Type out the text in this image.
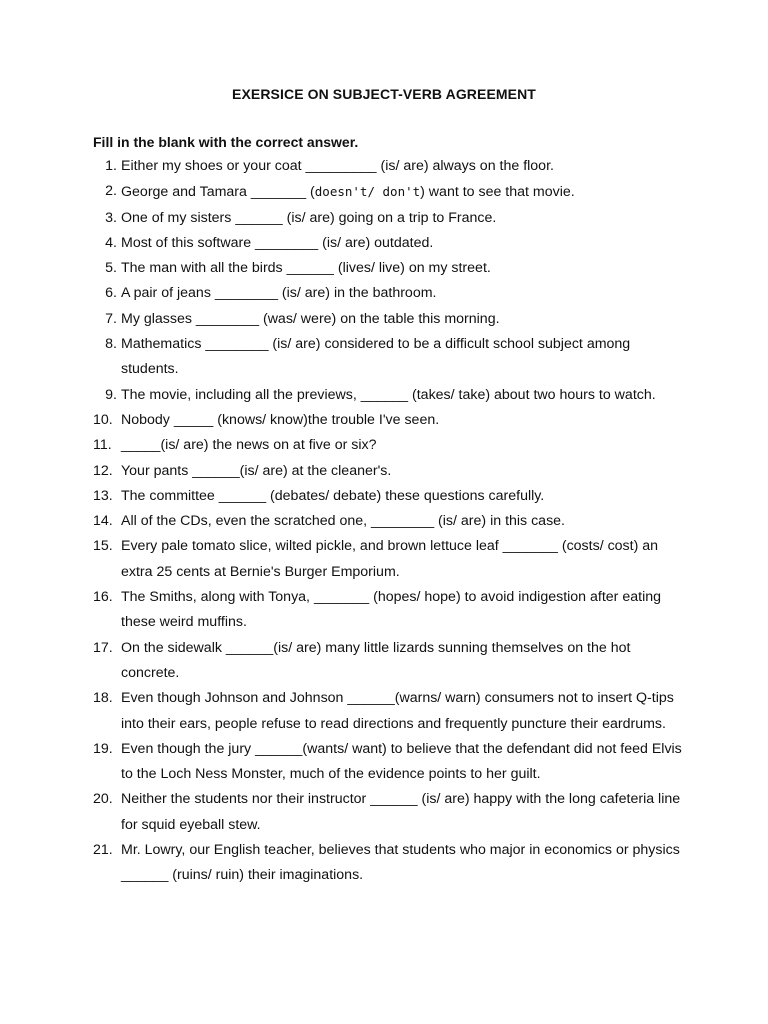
EXERSICE ON SUBJECT-VERB AGREEMENT
Fill in the blank with the correct answer.
1. Either my shoes or your coat _________ (is/ are) always on the floor.
2. George and Tamara _______ (doesn't/ don't) want to see that movie.
3. One of my sisters ______ (is/ are) going on a trip to France.
4. Most of this software ________ (is/ are) outdated.
5. The man with all the birds ______ (lives/ live) on my street.
6. A pair of jeans ________ (is/ are) in the bathroom.
7. My glasses ________ (was/ were) on the table this morning.
8. Mathematics ________ (is/ are) considered to be a difficult school subject among students.
9. The movie, including all the previews, ______ (takes/ take) about two hours to watch.
10. Nobody _____ (knows/ know)the trouble I've seen.
11. _____(is/ are) the news on at five or six?
12. Your pants ______(is/ are) at the cleaner's.
13. The committee ______ (debates/ debate) these questions carefully.
14. All of the CDs, even the scratched one, ________ (is/ are) in this case.
15. Every pale tomato slice, wilted pickle, and brown lettuce leaf _______ (costs/ cost) an extra 25 cents at Bernie's Burger Emporium.
16. The Smiths, along with Tonya, _______ (hopes/ hope) to avoid indigestion after eating these weird muffins.
17. On the sidewalk ______(is/ are) many little lizards sunning themselves on the hot concrete.
18. Even though Johnson and Johnson ______(warns/ warn) consumers not to insert Q-tips into their ears, people refuse to read directions and frequently puncture their eardrums.
19. Even though the jury ______(wants/ want) to believe that the defendant did not feed Elvis to the Loch Ness Monster, much of the evidence points to her guilt.
20. Neither the students nor their instructor ______ (is/ are) happy with the long cafeteria line for squid eyeball stew.
21. Mr. Lowry, our English teacher, believes that students who major in economics or physics ______ (ruins/ ruin) their imaginations.
